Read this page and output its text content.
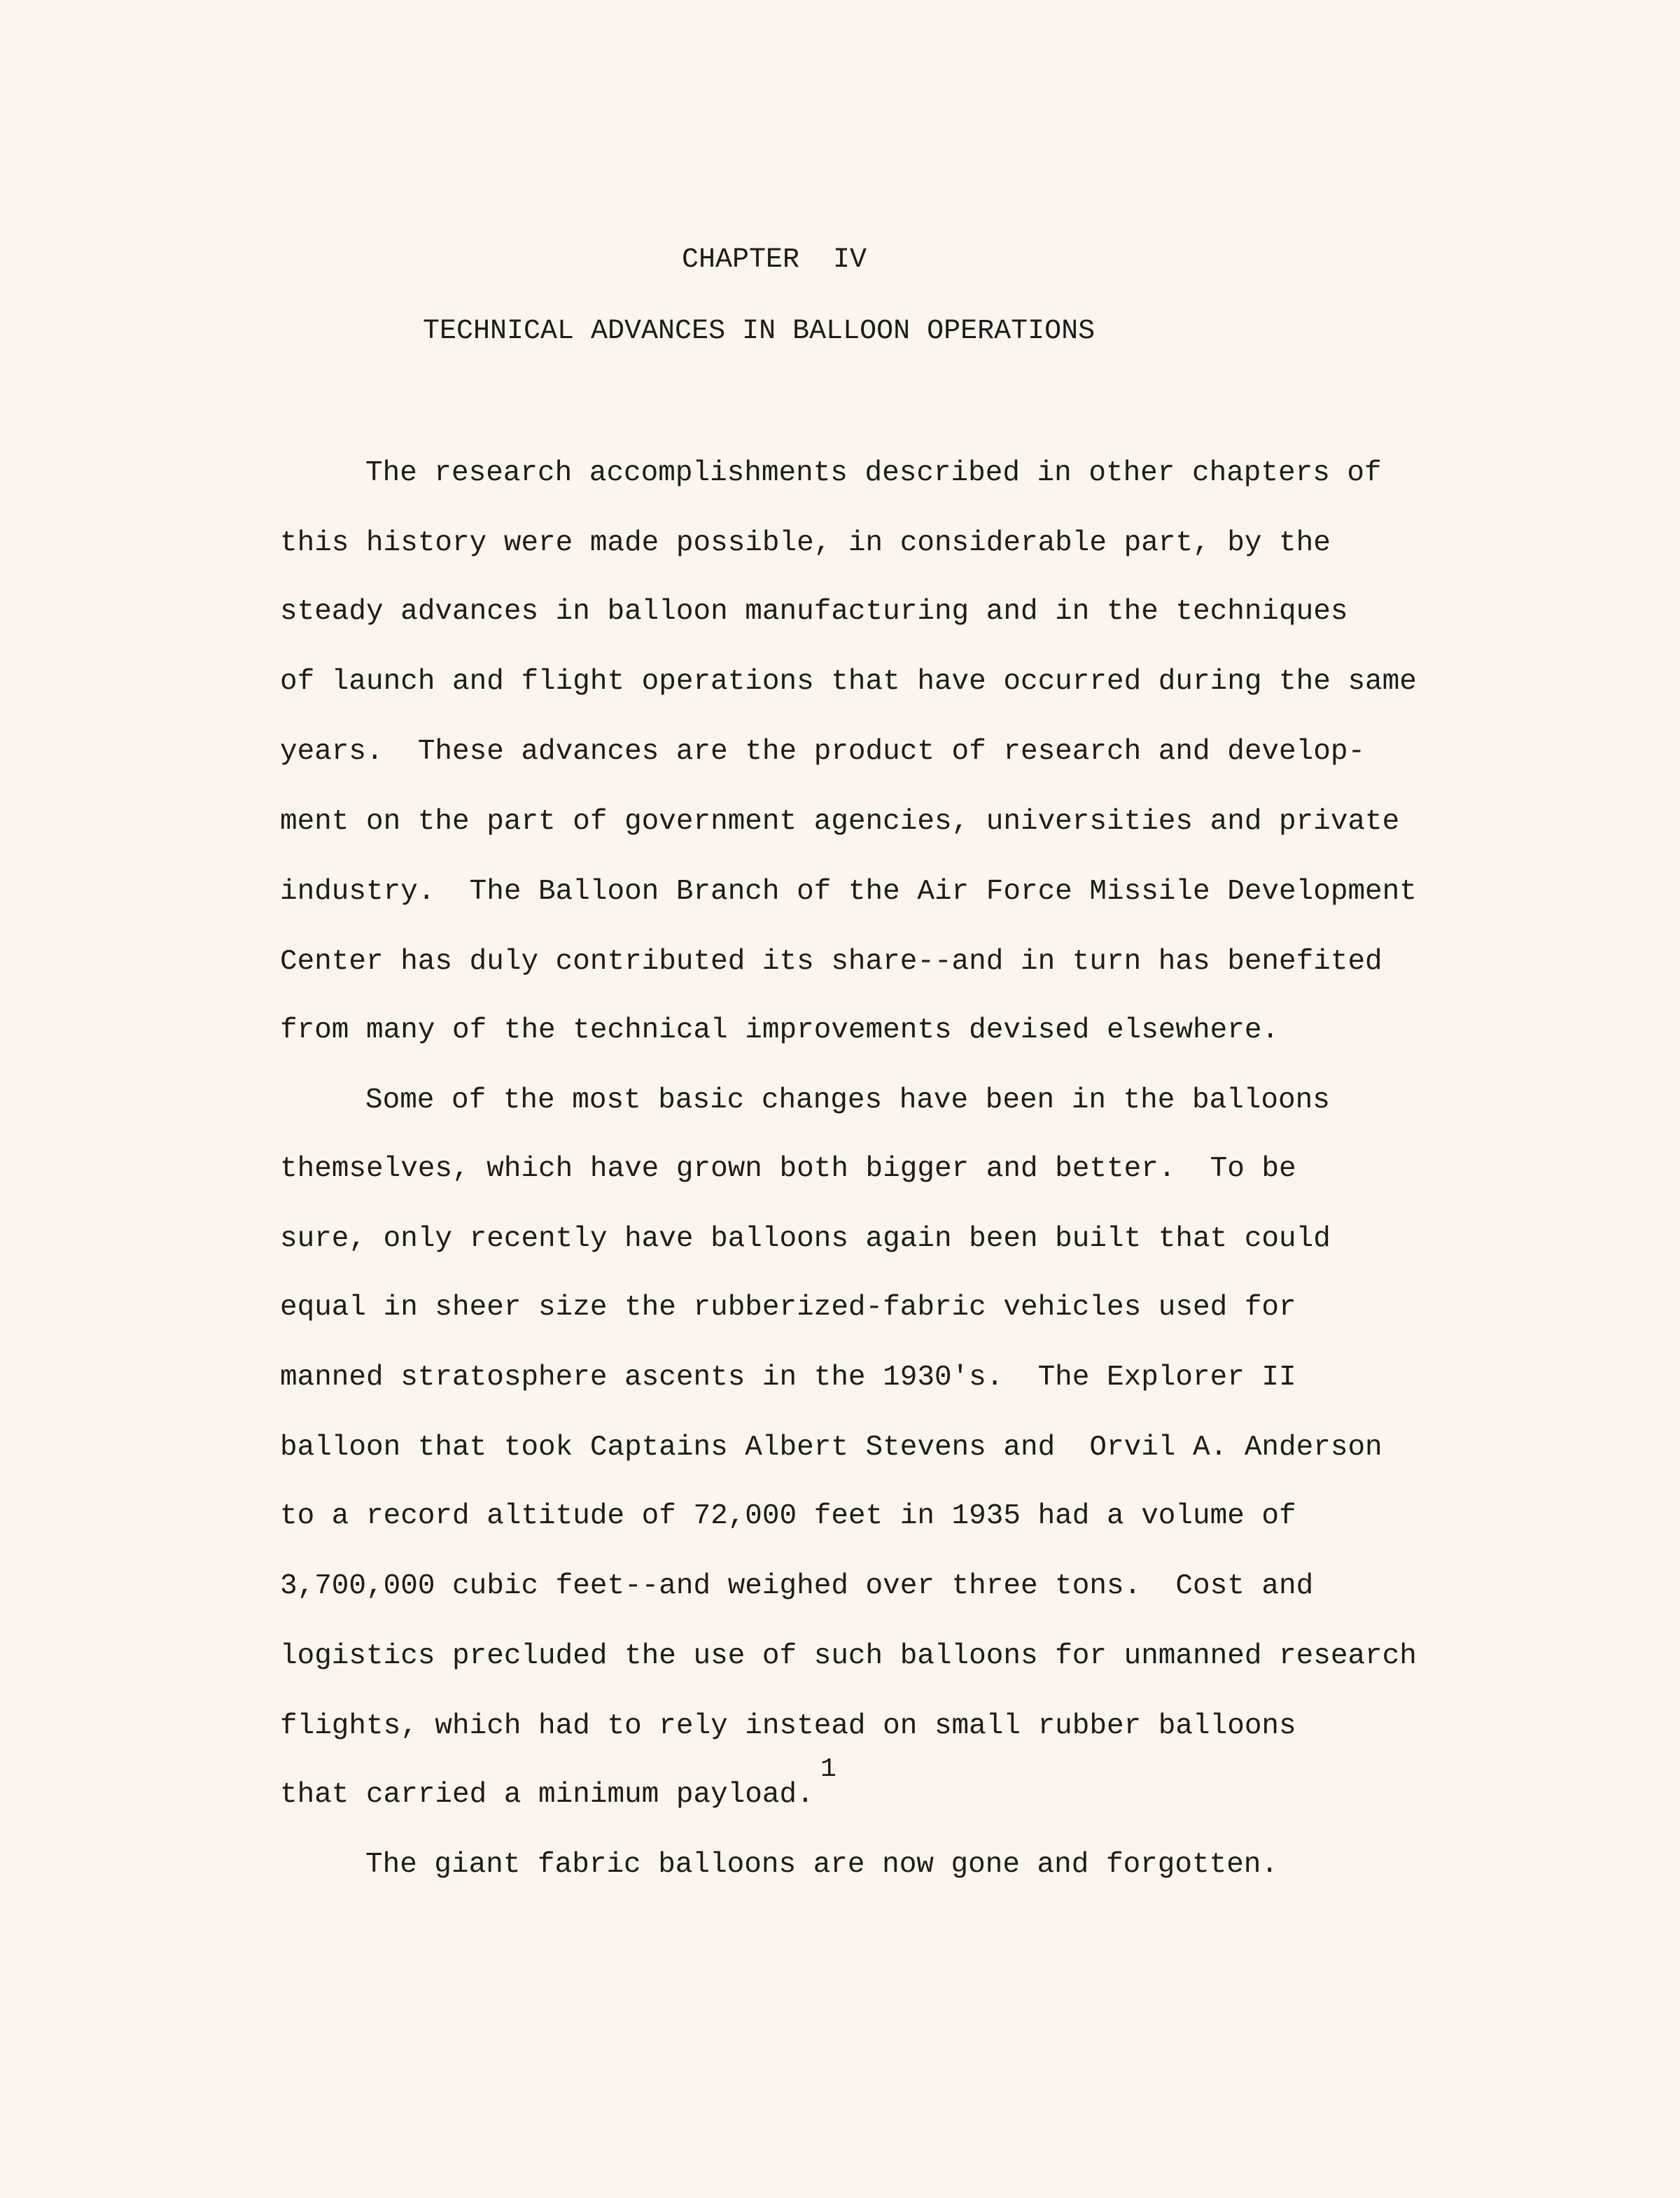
CHAPTER  IV
TECHNICAL ADVANCES IN BALLOON OPERATIONS
The research accomplishments described in other chapters of
this history were made possible, in considerable part, by the
steady advances in balloon manufacturing and in the techniques
of launch and flight operations that have occurred during the same
years.  These advances are the product of research and develop-
ment on the part of government agencies, universities and private
industry.  The Balloon Branch of the Air Force Missile Development
Center has duly contributed its share--and in turn has benefited
from many of the technical improvements devised elsewhere.
Some of the most basic changes have been in the balloons
themselves, which have grown both bigger and better.  To be
sure, only recently have balloons again been built that could
equal in sheer size the rubberized-fabric vehicles used for
manned stratosphere ascents in the 1930's.  The Explorer II
balloon that took Captains Albert Stevens and  Orvil A. Anderson
to a record altitude of 72,000 feet in 1935 had a volume of
3,700,000 cubic feet--and weighed over three tons.  Cost and
logistics precluded the use of such balloons for unmanned research
flights, which had to rely instead on small rubber balloons
that carried a minimum payload.
1
The giant fabric balloons are now gone and forgotten.
